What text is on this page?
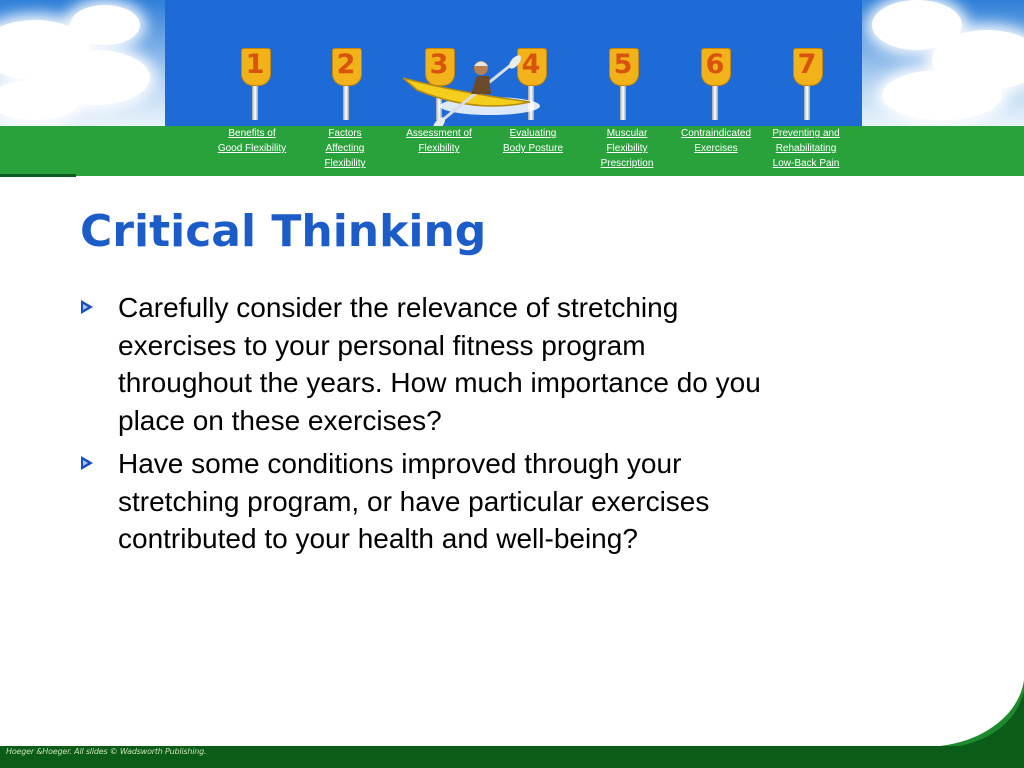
1	2	3	4	5	6	7
Benefits of
Good Flexibility
Factors
Affecting
Flexibility
Assessment of
Flexibility
Evaluating
Body Posture
Muscular
Flexibility
Prescription
Contraindicated
Exercises
Preventing and
Rehabilitating
Low-Back Pain
Critical Thinking
Carefully consider the relevance of stretching exercises to your personal fitness program throughout the years. How much importance do you place on these exercises?
Have some conditions improved through your stretching program, or have particular exercises contributed to your health and well-being?
Hoeger &Hoeger. All slides © Wadsworth Publishing.
